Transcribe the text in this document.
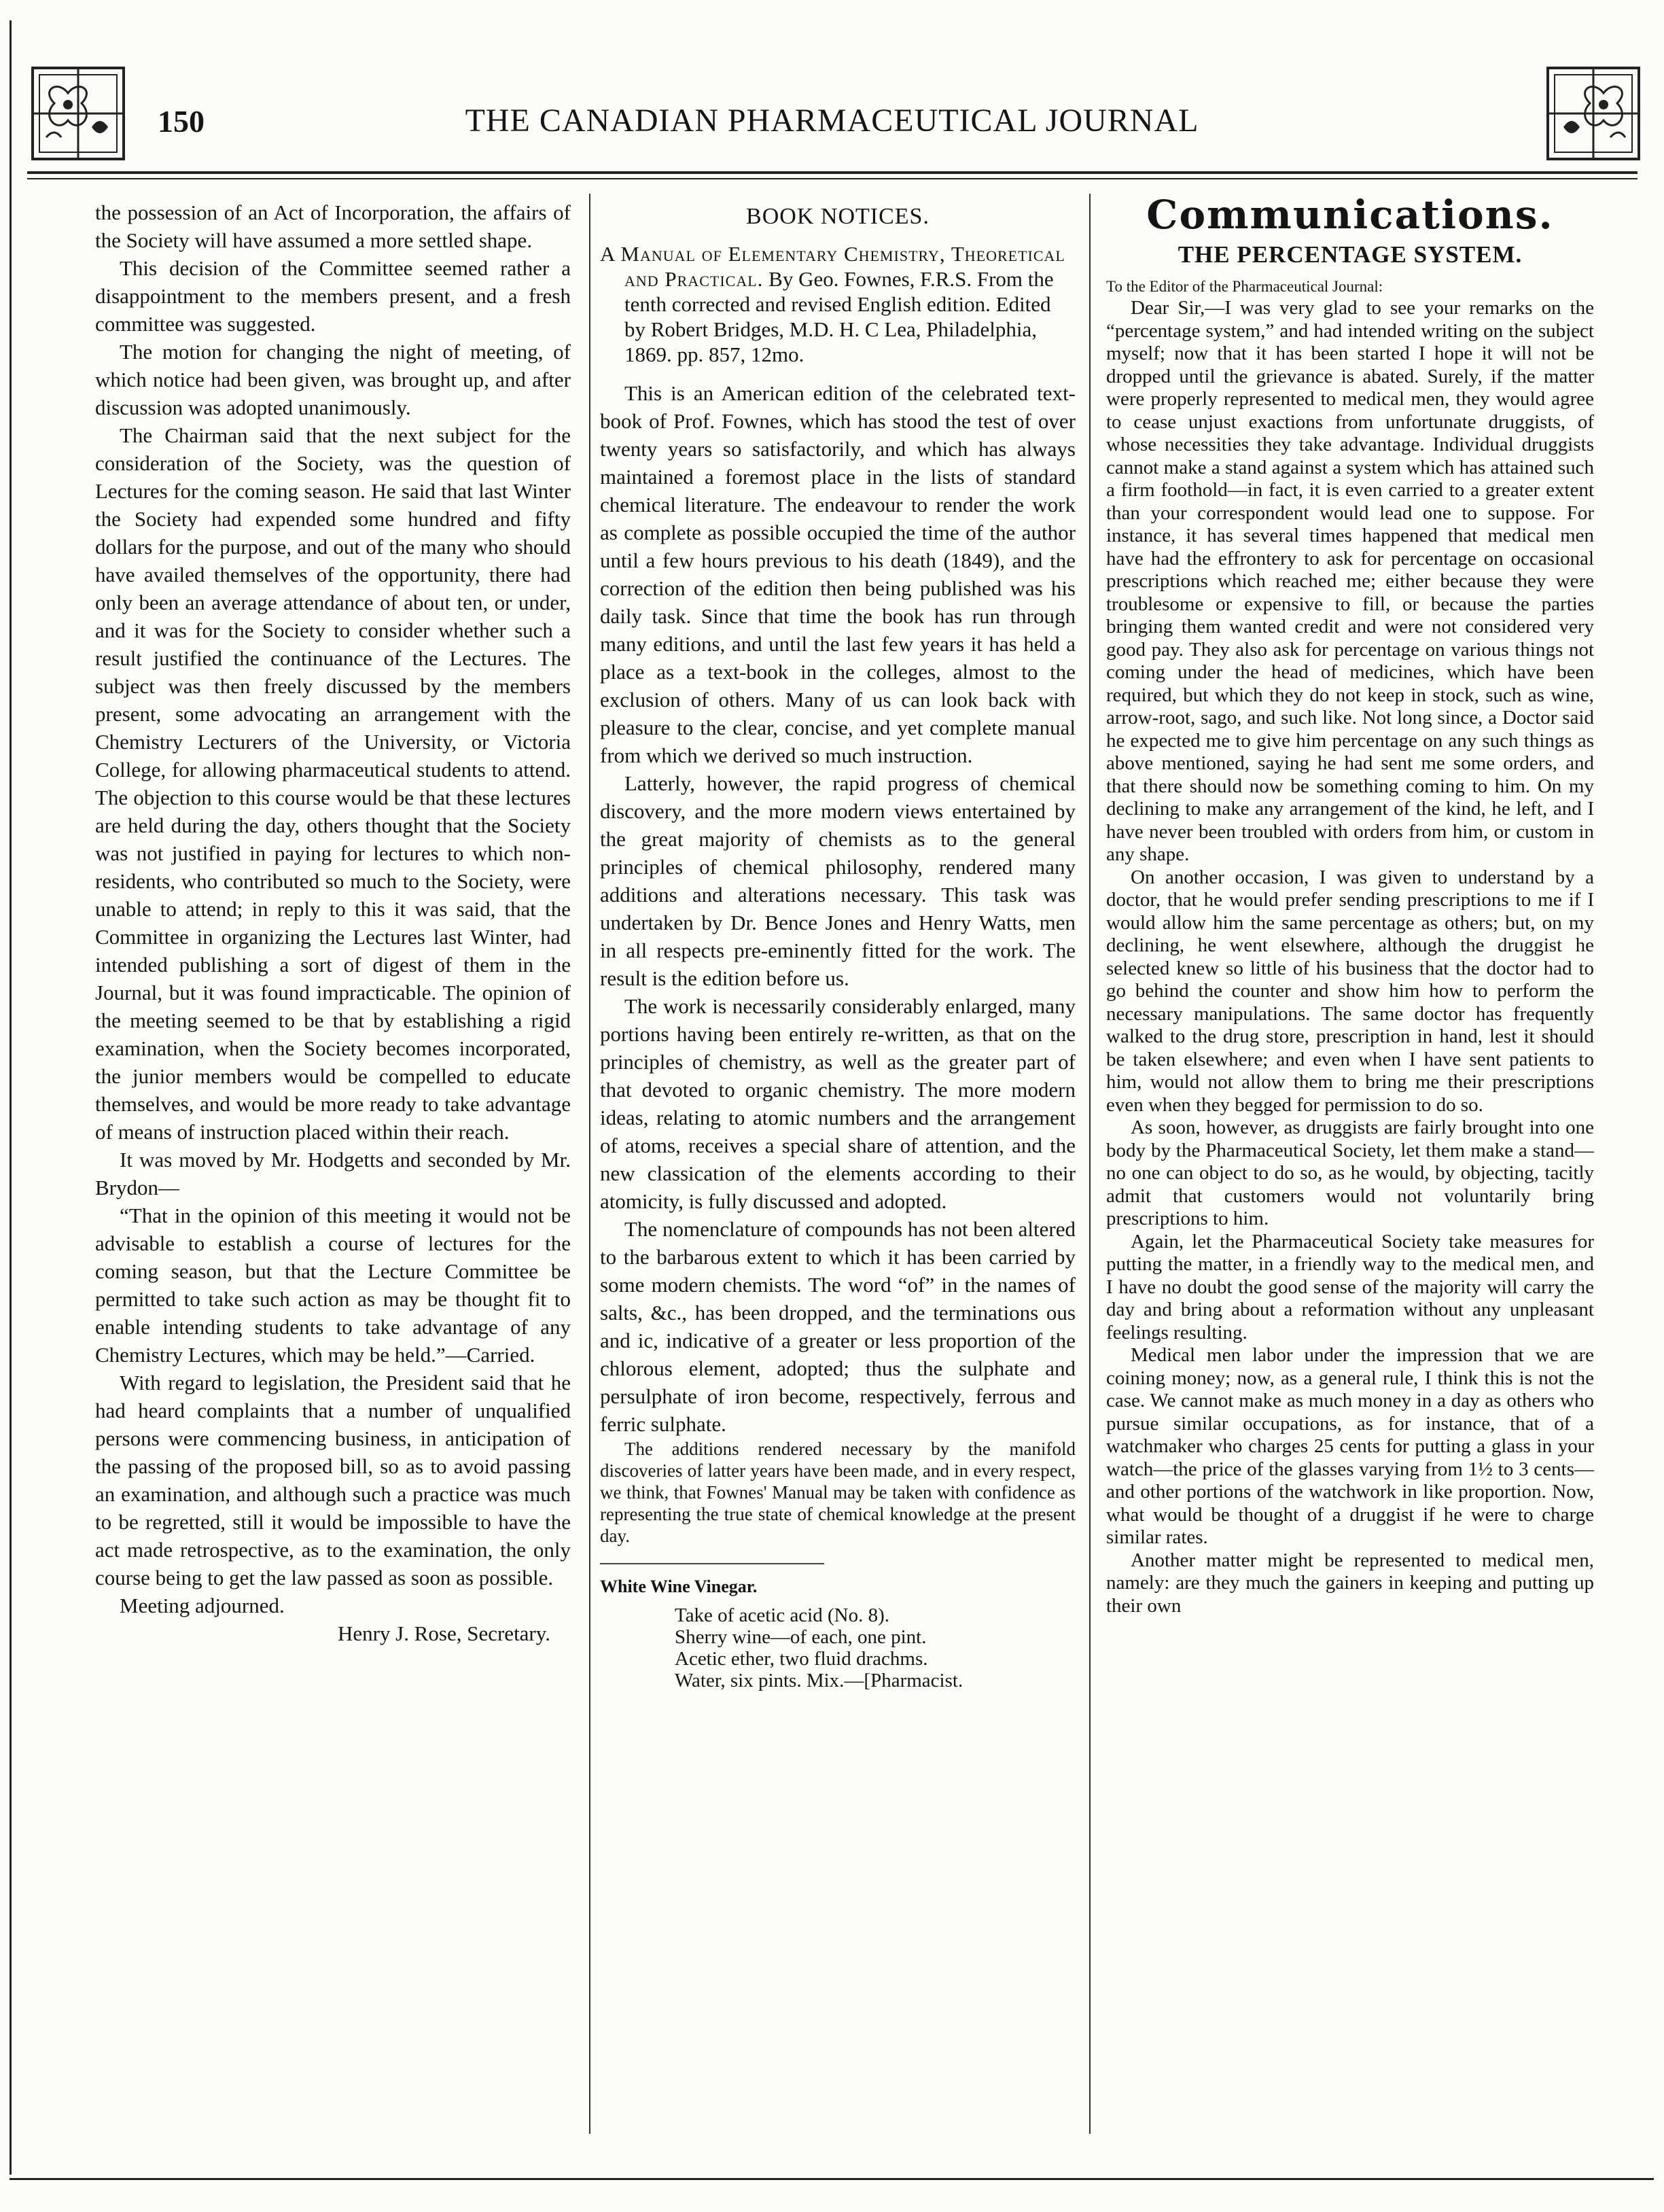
150	THE CANADIAN PHARMACEUTICAL JOURNAL

the possession of an Act of Incorporation, the affairs of the Society will have assumed a more settled shape.

This decision of the Committee seemed rather a disappointment to the members present, and a fresh committee was suggested.

The motion for changing the night of meeting, of which notice had been given, was brought up, and after discussion was adopted unanimously.

The Chairman said that the next subject for the consideration of the Society, was the question of Lectures for the coming season. He said that last Winter the Society had expended some hundred and fifty dollars for the purpose, and out of the many who should have availed themselves of the opportunity, there had only been an average attendance of about ten, or under, and it was for the Society to consider whether such a result justified the continuance of the Lectures. The subject was then freely discussed by the members present, some advocating an arrangement with the Chemistry Lecturers of the University, or Victoria College, for allowing pharmaceutical students to attend. The objection to this course would be that these lectures are held during the day, others thought that the Society was not justified in paying for lectures to which non-residents, who contributed so much to the Society, were unable to attend; in reply to this it was said, that the Committee in organizing the Lectures last Winter, had intended publishing a sort of digest of them in the Journal, but it was found impracticable. The opinion of the meeting seemed to be that by establishing a rigid examination, when the Society becomes incorporated, the junior members would be compelled to educate themselves, and would be more ready to take advantage of means of instruction placed within their reach.

It was moved by Mr. Hodgetts and seconded by Mr. Brydon—

“That in the opinion of this meeting it would not be advisable to establish a course of lectures for the coming season, but that the Lecture Committee be permitted to take such action as may be thought fit to enable intending students to take advantage of any Chemistry Lectures, which may be held.”—Carried.

With regard to legislation, the President said that he had heard complaints that a number of unqualified persons were commencing business, in anticipation of the passing of the proposed bill, so as to avoid passing an examination, and although such a practice was much to be regretted, still it would be impossible to have the act made retrospective, as to the examination, the only course being to get the law passed as soon as possible.

Meeting adjourned.

Henry J. Rose, Secretary.

BOOK NOTICES.
A Manual of Elementary Chemistry, Theoretical and Practical. By Geo. Fownes, F.R.S. From the tenth corrected and revised English edition. Edited by Robert Bridges, M.D. H. C Lea, Philadelphia, 1869. pp. 857, 12mo.

This is an American edition of the celebrated text-book of Prof. Fownes, which has stood the test of over twenty years so satisfactorily, and which has always maintained a foremost place in the lists of standard chemical literature. The endeavour to render the work as complete as possible occupied the time of the author until a few hours previous to his death (1849), and the correction of the edition then being published was his daily task. Since that time the book has run through many editions, and until the last few years it has held a place as a text-book in the colleges, almost to the exclusion of others. Many of us can look back with pleasure to the clear, concise, and yet complete manual from which we derived so much instruction.

Latterly, however, the rapid progress of chemical discovery, and the more modern views entertained by the great majority of chemists as to the general principles of chemical philosophy, rendered many additions and alterations necessary. This task was undertaken by Dr. Bence Jones and Henry Watts, men in all respects pre-eminently fitted for the work. The result is the edition before us.

The work is necessarily considerably enlarged, many portions having been entirely re-written, as that on the principles of chemistry, as well as the greater part of that devoted to organic chemistry. The more modern ideas, relating to atomic numbers and the arrangement of atoms, receives a special share of attention, and the new classication of the elements according to their atomicity, is fully discussed and adopted.

The nomenclature of compounds has not been altered to the barbarous extent to which it has been carried by some modern chemists. The word “of” in the names of salts, &c., has been dropped, and the terminations ous and ic, indicative of a greater or less proportion of the chlorous element, adopted; thus the sulphate and persulphate of iron become, respectively, ferrous and ferric sulphate.

The additions rendered necessary by the manifold discoveries of latter years have been made, and in every respect, we think, that Fownes' Manual may be taken with confidence as representing the true state of chemical knowledge at the present day.

White Wine Vinegar.
Take of acetic acid (No. 8).
Sherry wine—of each, one pint.
Acetic ether, two fluid drachms.
Water, six pints. Mix.—[Pharmacist.
Communications.
THE PERCENTAGE SYSTEM.

To the Editor of the Pharmaceutical Journal:

Dear Sir,—I was very glad to see your remarks on the “percentage system,” and had intended writing on the subject myself; now that it has been started I hope it will not be dropped until the grievance is abated. Surely, if the matter were properly represented to medical men, they would agree to cease unjust exactions from unfortunate druggists, of whose necessities they take advantage. Individual druggists cannot make a stand against a system which has attained such a firm foothold—in fact, it is even carried to a greater extent than your correspondent would lead one to suppose. For instance, it has several times happened that medical men have had the effrontery to ask for percentage on occasional prescriptions which reached me; either because they were troublesome or expensive to fill, or because the parties bringing them wanted credit and were not considered very good pay. They also ask for percentage on various things not coming under the head of medicines, which have been required, but which they do not keep in stock, such as wine, arrow-root, sago, and such like. Not long since, a Doctor said he expected me to give him percentage on any such things as above mentioned, saying he had sent me some orders, and that there should now be something coming to him. On my declining to make any arrangement of the kind, he left, and I have never been troubled with orders from him, or custom in any shape.

On another occasion, I was given to understand by a doctor, that he would prefer sending prescriptions to me if I would allow him the same percentage as others; but, on my declining, he went elsewhere, although the druggist he selected knew so little of his business that the doctor had to go behind the counter and show him how to perform the necessary manipulations. The same doctor has frequently walked to the drug store, prescription in hand, lest it should be taken elsewhere; and even when I have sent patients to him, would not allow them to bring me their prescriptions even when they begged for permission to do so.

As soon, however, as druggists are fairly brought into one body by the Pharmaceutical Society, let them make a stand—no one can object to do so, as he would, by objecting, tacitly admit that customers would not voluntarily bring prescriptions to him.

Again, let the Pharmaceutical Society take measures for putting the matter, in a friendly way to the medical men, and I have no doubt the good sense of the majority will carry the day and bring about a reformation without any unpleasant feelings resulting.

Medical men labor under the impression that we are coining money; now, as a general rule, I think this is not the case. We cannot make as much money in a day as others who pursue similar occupations, as for instance, that of a watchmaker who charges 25 cents for putting a glass in your watch—the price of the glasses varying from 1½ to 3 cents—and other portions of the watchwork in like proportion. Now, what would be thought of a druggist if he were to charge similar rates.

Another matter might be represented to medical men, namely: are they much the gainers in keeping and putting up their own
